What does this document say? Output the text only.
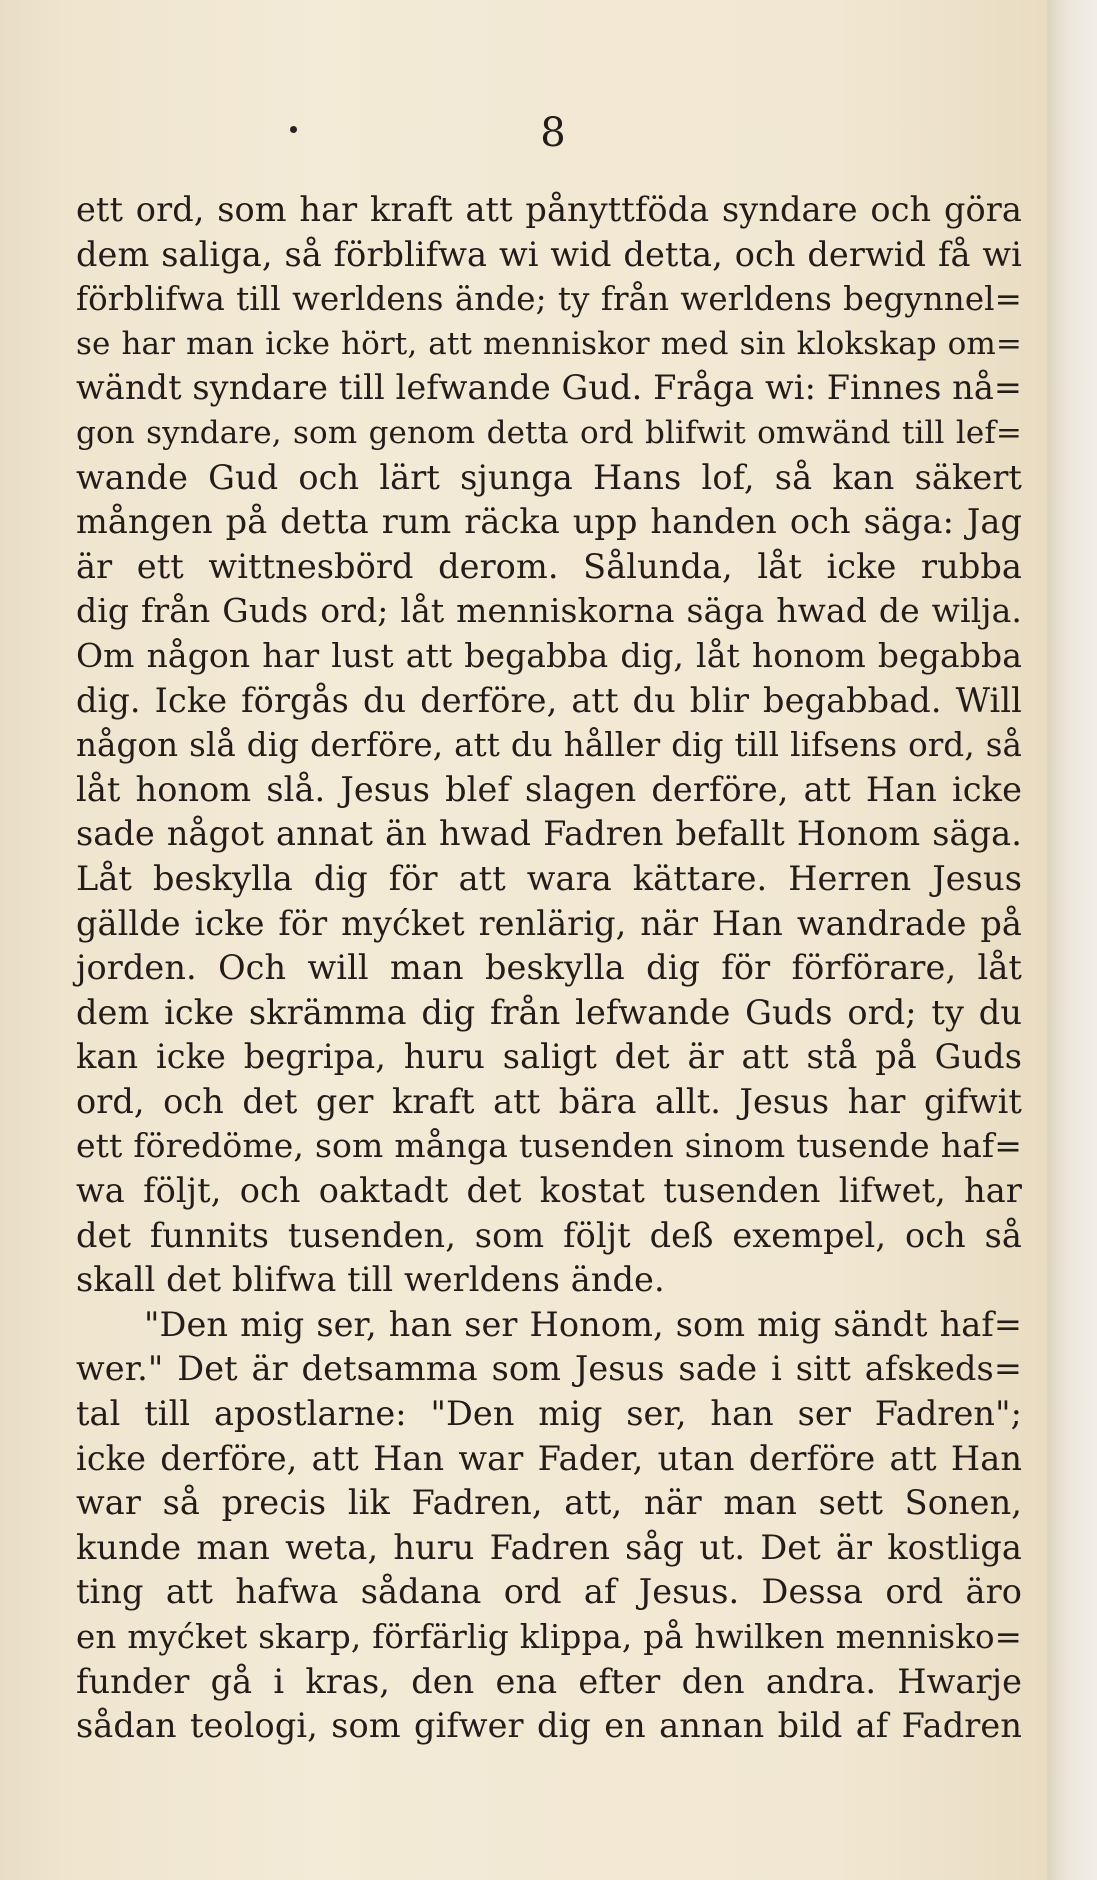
8
ett ord, som har kraft att pånyttföda syndare och göra
dem saliga, så förblifwa wi wid detta, och derwid få wi
förblifwa till werldens ände; ty från werldens begynnel=
se har man icke hört, att menniskor med sin klokskap om=
wändt syndare till lefwande Gud. Fråga wi: Finnes nå=
gon syndare, som genom detta ord blifwit omwänd till lef=
wande Gud och lärt sjunga Hans lof, så kan säkert
mången på detta rum räcka upp handen och säga: Jag
är ett wittnesbörd derom. Sålunda, låt icke rubba
dig från Guds ord; låt menniskorna säga hwad de wilja.
Om någon har lust att begabba dig, låt honom begabba
dig. Icke förgås du derföre, att du blir begabbad. Will
någon slå dig derföre, att du håller dig till lifsens ord, så
låt honom slå. Jesus blef slagen derföre, att Han icke
sade något annat än hwad Fadren befallt Honom säga.
Låt beskylla dig för att wara kättare. Herren Jesus
gällde icke för myćket renlärig, när Han wandrade på
jorden. Och will man beskylla dig för förförare, låt
dem icke skrämma dig från lefwande Guds ord; ty du
kan icke begripa, huru saligt det är att stå på Guds
ord, och det ger kraft att bära allt. Jesus har gifwit
ett föredöme, som många tusenden sinom tusende haf=
wa följt, och oaktadt det kostat tusenden lifwet, har
det funnits tusenden, som följt deß exempel, och så
skall det blifwa till werldens ände.
"Den mig ser, han ser Honom, som mig sändt haf=
wer." Det är detsamma som Jesus sade i sitt afskeds=
tal till apostlarne: "Den mig ser, han ser Fadren";
icke derföre, att Han war Fader, utan derföre att Han
war så precis lik Fadren, att, när man sett Sonen,
kunde man weta, huru Fadren såg ut. Det är kostliga
ting att hafwa sådana ord af Jesus. Dessa ord äro
en myćket skarp, förfärlig klippa, på hwilken mennisko=
funder gå i kras, den ena efter den andra. Hwarje
sådan teologi, som gifwer dig en annan bild af Fadren
